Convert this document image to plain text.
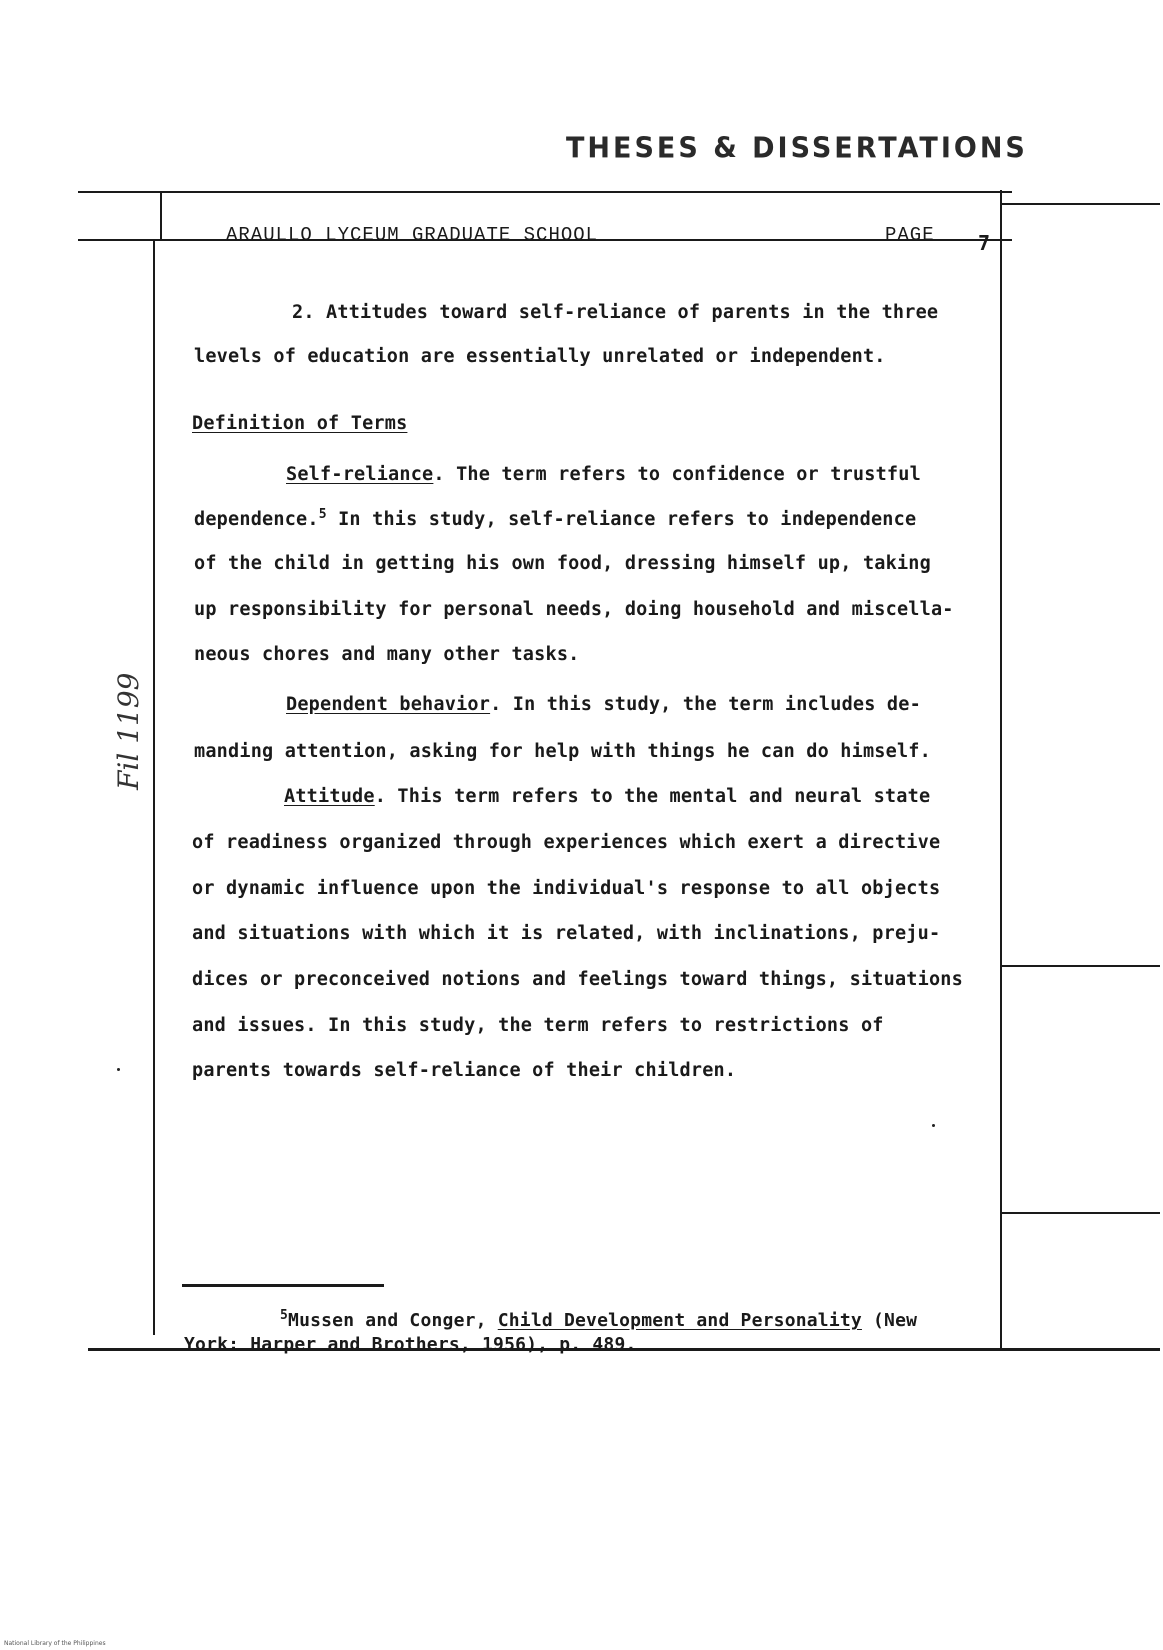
THESES & DISSERTATIONS
ARAULLO LYCEUM GRADUATE SCHOOL	PAGE 7
Fil 1199
2. Attitudes toward self-reliance of parents in the three
levels of education are essentially unrelated or independent.
Definition of Terms
Self-reliance. The term refers to confidence or trustful
dependence.$^5$ In this study, self-reliance refers to independence
of the child in getting his own food, dressing himself up, taking
up responsibility for personal needs, doing household and miscella-
neous chores and many other tasks.
Dependent behavior. In this study, the term includes de-
manding attention, asking for help with things he can do himself.
Attitude. This term refers to the mental and neural state
of readiness organized through experiences which exert a directive
or dynamic influence upon the individual's response to all objects
and situations with which it is related, with inclinations, preju-
dices or preconceived notions and feelings toward things, situations
and issues. In this study, the term refers to restrictions of
parents towards self-reliance of their children.
$^5$Mussen and Conger, Child Development and Personality (New
York: Harper and Brothers, 1956), p. 489.
National Library of the Philippines
